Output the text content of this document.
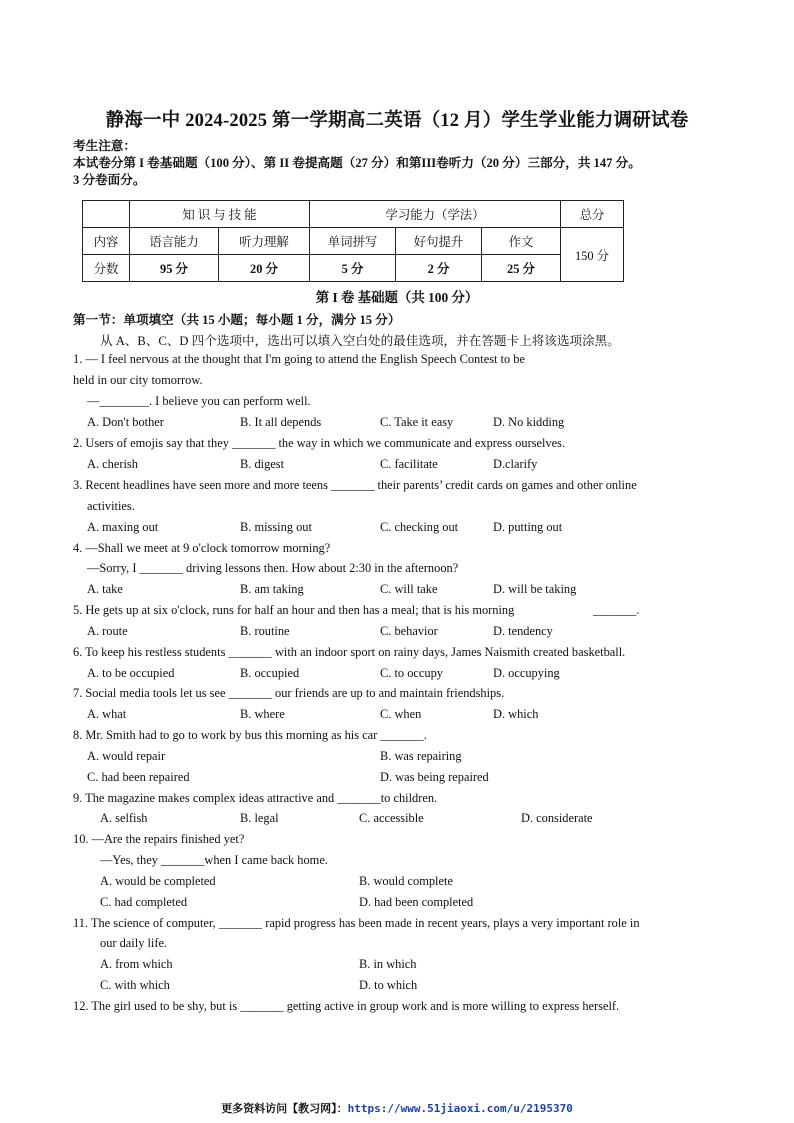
静海一中 2024-2025 第一学期高二英语（12 月）学生学业能力调研试卷
考生注意：
本试卷分第 I 卷基础题（100 分）、第 II 卷提高题（27 分）和第III卷听力（20 分）三部分，共 147 分。
3 分卷面分。
	知 识 与 技 能		学习能力（学法）			总分
内容	语言能力	听力理解	单词拼写	好句提升	作文	150 分
分数	95 分	20 分	5 分	2 分	25 分	
第 I 卷 基础题（共 100 分）
第一节：单项填空（共 15 小题；每小题 1 分，满分 15 分）
从 A、B、C、D 四个选项中，选出可以填入空白处的最佳选项，并在答题卡上将该选项涂黑。
1. — I feel nervous at the thought that I'm going to attend the English Speech Contest to be
held in our city tomorrow.
—________. I believe you can perform well.
A. Don't bother	B. It all depends	C. Take it easy	D. No kidding
2. Users of emojis say that they _______ the way in which we communicate and express ourselves.
A. cherish	B. digest	C. facilitate	D.clarify
3. Recent headlines have seen more and more teens _______ their parents’ credit cards on games and other online
activities.
A. maxing out	B. missing out	C. checking out	D. putting out
4. —Shall we meet at 9 o'clock tomorrow morning?
—Sorry, I _______ driving lessons then. How about 2:30 in the afternoon?
A. take	B. am taking	C. will take	D. will be taking
5. He gets up at six o'clock, runs for half an hour and then has a meal; that is his morning	_______.
A. route	B. routine	C. behavior	D. tendency
6. To keep his restless students _______ with an indoor sport on rainy days, James Naismith created basketball.
A. to be occupied	B. occupied	C. to occupy	D. occupying
7. Social media tools let us see _______ our friends are up to and maintain friendships.
A. what	B. where	C. when	D. which
8. Mr. Smith had to go to work by bus this morning as his car _______.
A. would repair	B. was repairing
C. had been repaired	D. was being repaired
9. The magazine makes complex ideas attractive and _______to children.
A. selfish	B. legal	C. accessible	D. considerate
10. —Are the repairs finished yet?
—Yes, they _______when I came back home.
A. would be completed	B. would complete
C. had completed	D. had been completed
11. The science of computer, _______ rapid progress has been made in recent years, plays a very important role in
our daily life.
A. from which	B. in which
C. with which	D. to which
12. The girl used to be shy, but is _______ getting active in group work and is more willing to express herself.
更多资料访问【教习网】：https://www.51jiaoxi.com/u/2195370
